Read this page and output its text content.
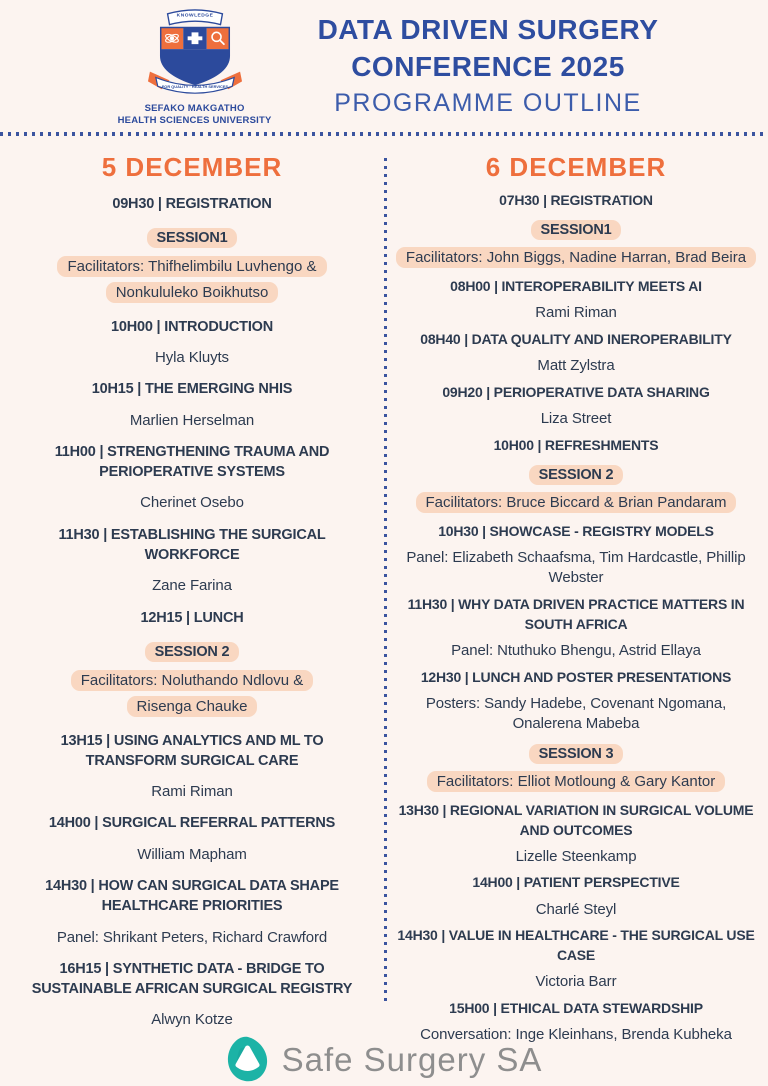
KNOWLEDGE
FOR QUALITY · HEALTH SERVICES
SEFAKO MAKGATHO
HEALTH SCIENCES UNIVERSITY
DATA DRIVEN SURGERY
CONFERENCE 2025
PROGRAMME OUTLINE
5 DECEMBER
09H30 | REGISTRATION
SESSION1
Facilitators: Thifhelimbilu Luvhengo & Nonkululeko Boikhutso
10H00 | INTRODUCTION
Hyla Kluyts
10H15 | THE EMERGING NHIS
Marlien Herselman
11H00 | STRENGTHENING TRAUMA AND PERIOPERATIVE SYSTEMS
Cherinet Osebo
11H30 | ESTABLISHING THE SURGICAL WORKFORCE
Zane Farina
12H15 | LUNCH
SESSION 2
Facilitators: Noluthando Ndlovu & Risenga Chauke
13H15 | USING ANALYTICS AND ML TO TRANSFORM SURGICAL CARE
Rami Riman
14H00 | SURGICAL REFERRAL PATTERNS
William Mapham
14H30 | HOW CAN SURGICAL DATA SHAPE HEALTHCARE PRIORITIES
Panel: Shrikant Peters, Richard Crawford
16H15 | SYNTHETIC DATA - BRIDGE TO SUSTAINABLE AFRICAN SURGICAL REGISTRY
Alwyn Kotze
6 DECEMBER
07H30 | REGISTRATION
SESSION1
Facilitators: John Biggs, Nadine Harran, Brad Beira
08H00 | INTEROPERABILITY MEETS AI
Rami Riman
08H40 | DATA QUALITY AND INEROPERABILITY
Matt Zylstra
09H20 | PERIOPERATIVE DATA SHARING
Liza Street
10H00 | REFRESHMENTS
SESSION 2
Facilitators: Bruce Biccard & Brian Pandaram
10H30 | SHOWCASE - REGISTRY MODELS
Panel: Elizabeth Schaafsma, Tim Hardcastle, Phillip Webster
11H30 | WHY DATA DRIVEN PRACTICE MATTERS IN SOUTH AFRICA
Panel: Ntuthuko Bhengu, Astrid Ellaya
12H30 | LUNCH AND POSTER PRESENTATIONS
Posters: Sandy Hadebe, Covenant Ngomana, Onalerena Mabeba
SESSION 3
Facilitators: Elliot Motloung & Gary Kantor
13H30 | REGIONAL VARIATION IN SURGICAL VOLUME AND OUTCOMES
Lizelle Steenkamp
14H00 | PATIENT PERSPECTIVE
Charlé Steyl
14H30 | VALUE IN HEALTHCARE - THE SURGICAL USE CASE
Victoria Barr
15H00 | ETHICAL DATA STEWARDSHIP
Conversation: Inge Kleinhans, Brenda Kubheka
Safe Surgery SA
